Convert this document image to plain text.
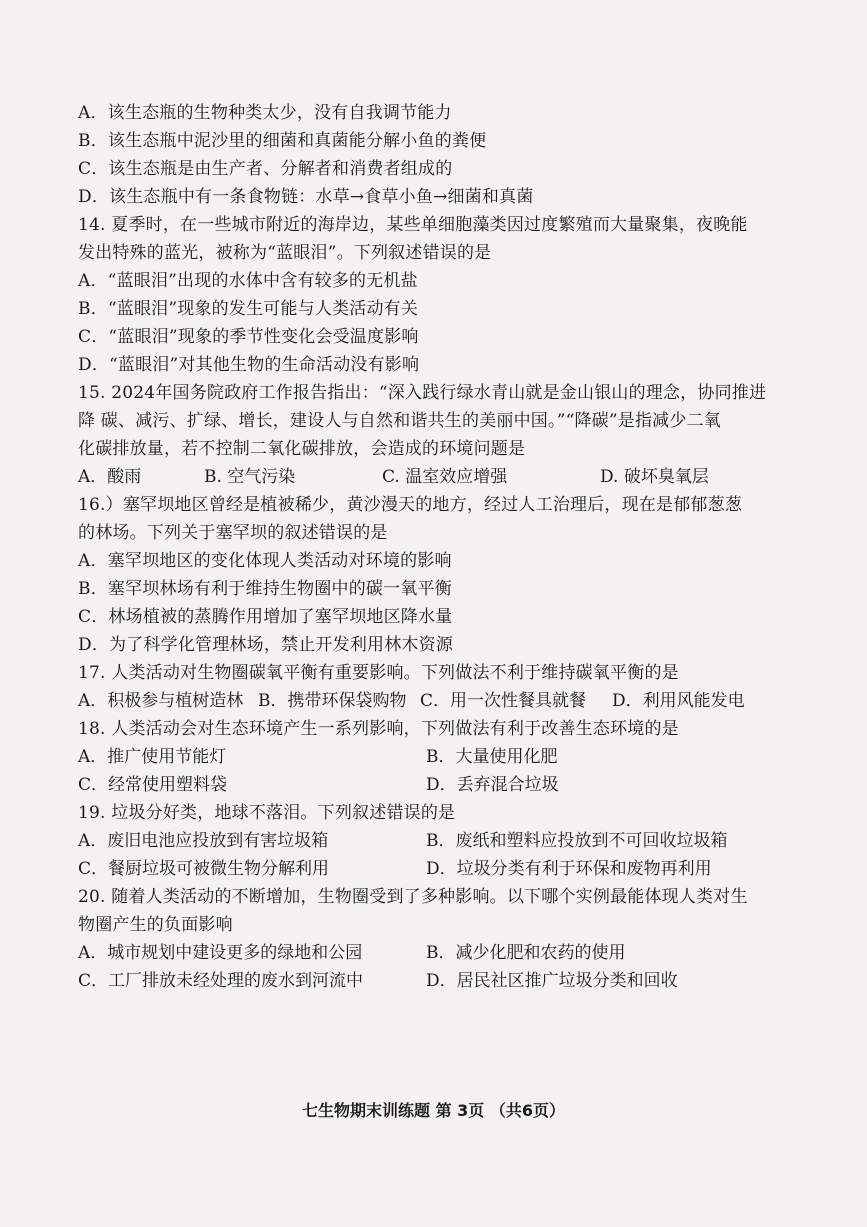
A．该生态瓶的生物种类太少，没有自我调节能力
B．该生态瓶中泥沙里的细菌和真菌能分解小鱼的粪便
C．该生态瓶是由生产者、分解者和消费者组成的
D．该生态瓶中有一条食物链：水草→食草小鱼→细菌和真菌
14. 夏季时，在一些城市附近的海岸边，某些单细胞藻类因过度繁殖而大量聚集，夜晚能
发出特殊的蓝光，被称为“蓝眼泪”。下列叙述错误的是
A．“蓝眼泪”出现的水体中含有较多的无机盐
B．“蓝眼泪”现象的发生可能与人类活动有关
C．“蓝眼泪”现象的季节性变化会受温度影响
D．“蓝眼泪”对其他生物的生命活动没有影响
15. 2024年国务院政府工作报告指出：“深入践行绿水青山就是金山银山的理念，协同推进
降 碳、减污、扩绿、增长，建设人与自然和谐共生的美丽中国。”“降碳”是指减少二氧
化碳排放量，若不控制二氧化碳排放，会造成的环境问题是
A．酸雨	B. 空气污染	C. 温室效应增强	D. 破坏臭氧层
16.）塞罕坝地区曾经是植被稀少，黄沙漫天的地方，经过人工治理后，现在是郁郁葱葱
的林场。下列关于塞罕坝的叙述错误的是
A．塞罕坝地区的变化体现人类活动对环境的影响
B．塞罕坝林场有利于维持生物圈中的碳一氧平衡
C．林场植被的蒸腾作用增加了塞罕坝地区降水量
D．为了科学化管理林场，禁止开发利用林木资源
17. 人类活动对生物圈碳氧平衡有重要影响。下列做法不利于维持碳氧平衡的是
A．积极参与植树造林 B．携带环保袋购物 C．用一次性餐具就餐 D．利用风能发电
18. 人类活动会对生态环境产生一系列影响，下列做法有利于改善生态环境的是
A．推广使用节能灯	B．大量使用化肥
C．经常使用塑料袋	D．丢弃混合垃圾
19. 垃圾分好类，地球不落泪。下列叙述错误的是
A．废旧电池应投放到有害垃圾箱	B．废纸和塑料应投放到不可回收垃圾箱
C．餐厨垃圾可被微生物分解利用	D．垃圾分类有利于环保和废物再利用
20. 随着人类活动的不断增加，生物圈受到了多种影响。以下哪个实例最能体现人类对生
物圈产生的负面影响
A．城市规划中建设更多的绿地和公园	B．减少化肥和农药的使用
C．工厂排放未经处理的废水到河流中	D．居民社区推广垃圾分类和回收
七生物期末训练题 第 3页 （共6页）
